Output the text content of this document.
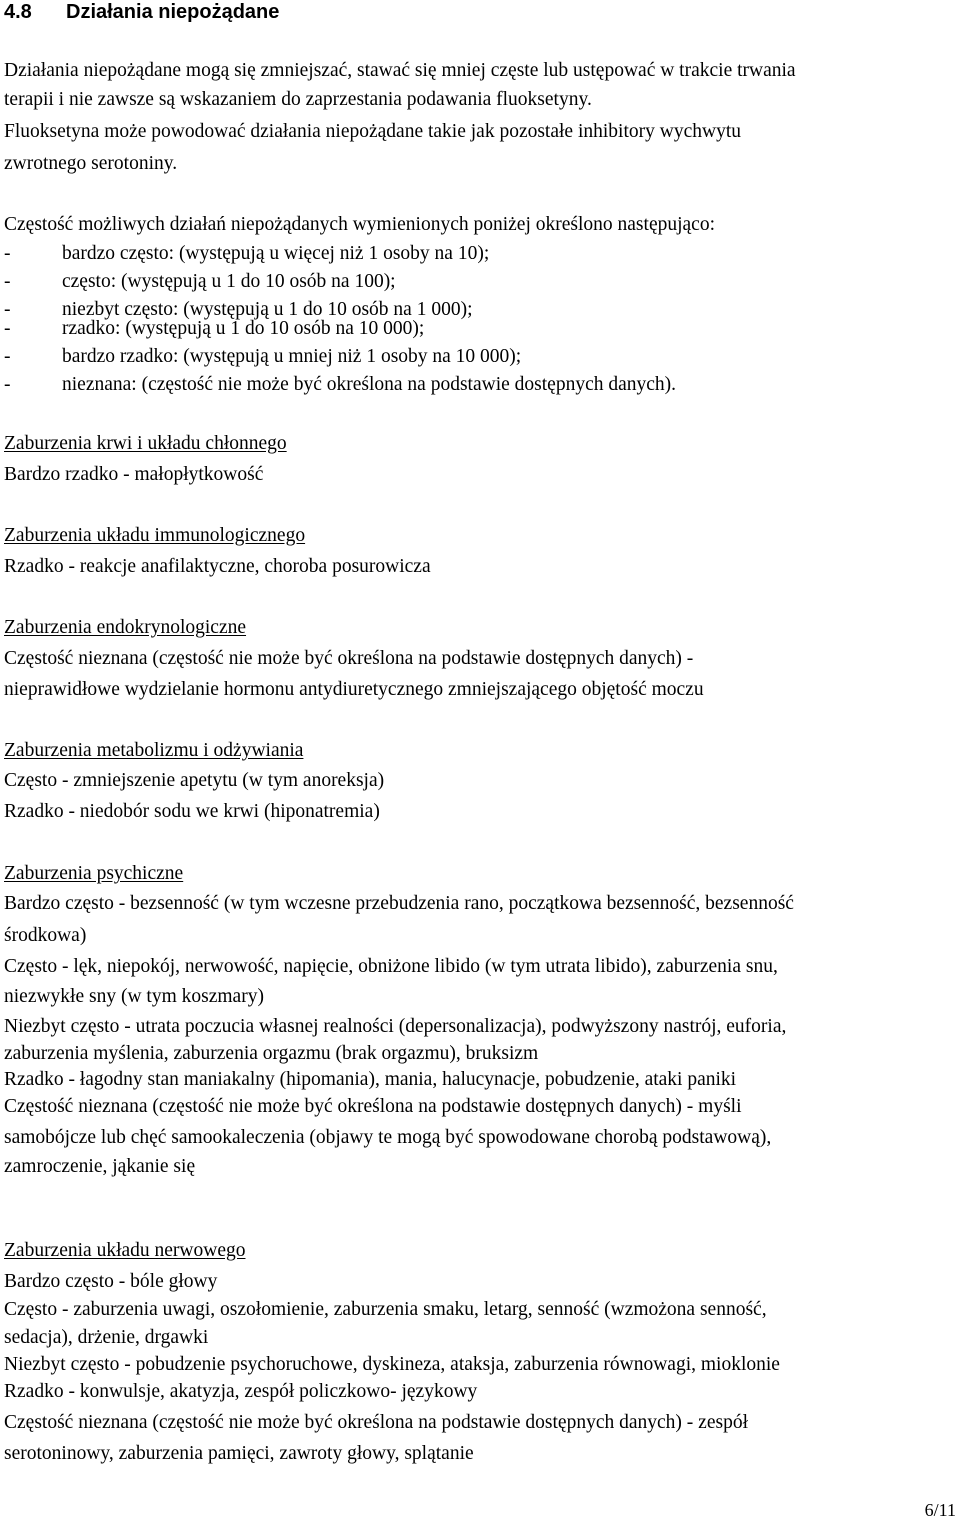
4.8 Działania niepożądane
Działania niepożądane mogą się zmniejszać, stawać się mniej częste lub ustępować w trakcie trwania
terapii i nie zawsze są wskazaniem do zaprzestania podawania fluoksetyny.
Fluoksetyna może powodować działania niepożądane takie jak pozostałe inhibitory wychwytu
zwrotnego serotoniny.
Częstość możliwych działań niepożądanych wymienionych poniżej określono następująco:
-	bardzo często: (występują u więcej niż 1 osoby na 10);
-	często: (występują u 1 do 10 osób na 100);
-	niezbyt często: (występują u 1 do 10 osób na 1 000);
-	rzadko: (występują u 1 do 10 osób na 10 000);
-	bardzo rzadko: (występują u mniej niż 1 osoby na 10 000);
-	nieznana: (częstość nie może być określona na podstawie dostępnych danych).
Zaburzenia krwi i układu chłonnego
Bardzo rzadko - małopłytkowość
Zaburzenia układu immunologicznego
Rzadko - reakcje anafilaktyczne, choroba posurowicza
Zaburzenia endokrynologiczne
Częstość nieznana (częstość nie może być określona na podstawie dostępnych danych) -
nieprawidłowe wydzielanie hormonu antydiuretycznego zmniejszającego objętość moczu
Zaburzenia metabolizmu i odżywiania
Często - zmniejszenie apetytu (w tym anoreksja)
Rzadko - niedobór sodu we krwi (hiponatremia)
Zaburzenia psychiczne
Bardzo często - bezsenność (w tym wczesne przebudzenia rano, początkowa bezsenność, bezsenność
środkowa)
Często - lęk, niepokój, nerwowość, napięcie, obniżone libido (w tym utrata libido), zaburzenia snu,
niezwykłe sny (w tym koszmary)
Niezbyt często - utrata poczucia własnej realności (depersonalizacja), podwyższony nastrój, euforia,
zaburzenia myślenia, zaburzenia orgazmu (brak orgazmu), bruksizm
Rzadko - łagodny stan maniakalny (hipomania), mania, halucynacje, pobudzenie, ataki paniki
Częstość nieznana (częstość nie może być określona na podstawie dostępnych danych) - myśli
samobójcze lub chęć samookaleczenia (objawy te mogą być spowodowane chorobą podstawową),
zamroczenie, jąkanie się
Zaburzenia układu nerwowego
Bardzo często - bóle głowy
Często - zaburzenia uwagi, oszołomienie, zaburzenia smaku, letarg, senność (wzmożona senność,
sedacja), drżenie, drgawki
Niezbyt często - pobudzenie psychoruchowe, dyskineza, ataksja, zaburzenia równowagi, mioklonie
Rzadko - konwulsje, akatyzja, zespół policzkowo- językowy
Częstość nieznana (częstość nie może być określona na podstawie dostępnych danych) - zespół
serotoninowy, zaburzenia pamięci, zawroty głowy, splątanie
6/11
